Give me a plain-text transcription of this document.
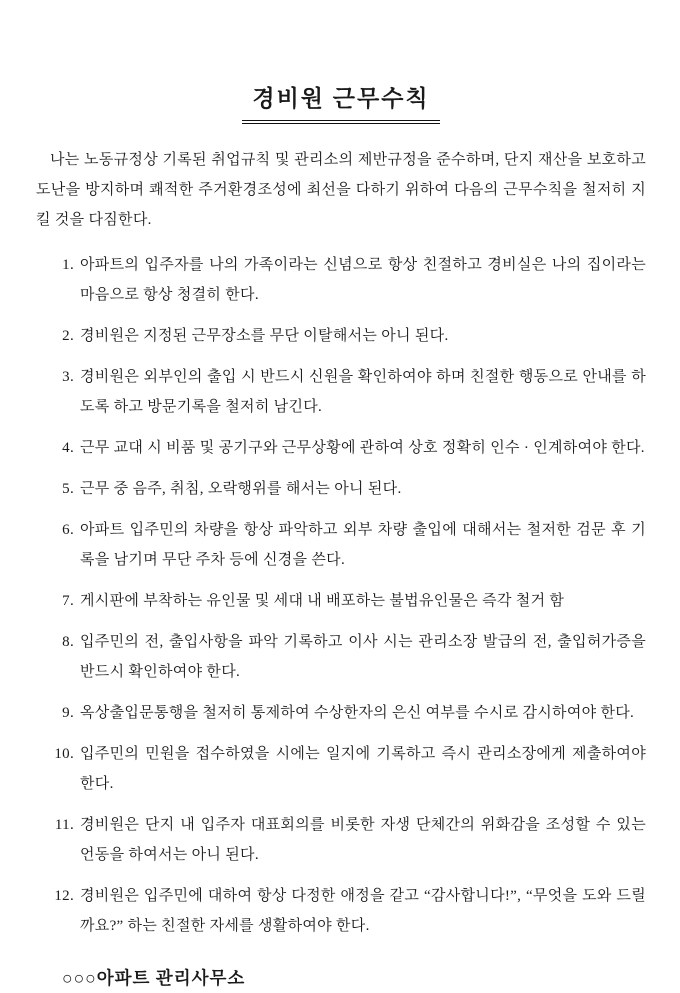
경비원 근무수칙

나는 노동규정상 기록된 취업규칙 및 관리소의 제반규정을 준수하며, 단지 재산을 보호하고 도난을 방지하며 쾌적한 주거환경조성에 최선을 다하기 위하여 다음의 근무수칙을 철저히 지킬 것을 다짐한다.

1. 아파트의 입주자를 나의 가족이라는 신념으로 항상 친절하고 경비실은 나의 집이라는 마음으로 항상 청결히 한다.
2. 경비원은 지정된 근무장소를 무단 이탈해서는 아니 된다.
3. 경비원은 외부인의 출입 시 반드시 신원을 확인하여야 하며 친절한 행동으로 안내를 하도록 하고 방문기록을 철저히 남긴다.
4. 근무 교대 시 비품 및 공기구와 근무상황에 관하여 상호 정확히 인수 · 인계하여야 한다.
5. 근무 중 음주, 취침, 오락행위를 해서는 아니 된다.
6. 아파트 입주민의 차량을 항상 파악하고 외부 차량 출입에 대해서는 철저한 검문 후 기록을 남기며 무단 주차 등에 신경을 쓴다.
7. 게시판에 부착하는 유인물 및 세대 내 배포하는 불법유인물은 즉각 철거 함
8. 입주민의 전, 출입사항을 파악 기록하고 이사 시는 관리소장 발급의 전, 출입허가증을 반드시 확인하여야 한다.
9. 옥상출입문통행을 철저히 통제하여 수상한자의 은신 여부를 수시로 감시하여야 한다.
10. 입주민의 민원을 접수하였을 시에는 일지에 기록하고 즉시 관리소장에게 제출하여야 한다.
11. 경비원은 단지 내 입주자 대표회의를 비롯한 자생 단체간의 위화감을 조성할 수 있는 언동을 하여서는 아니 된다.
12. 경비원은 입주민에 대하여 항상 다정한 애정을 같고 “감사합니다!”, “무엇을 도와 드릴까요?” 하는 친절한 자세를 생활하여야 한다.
○○○아파트 관리사무소
